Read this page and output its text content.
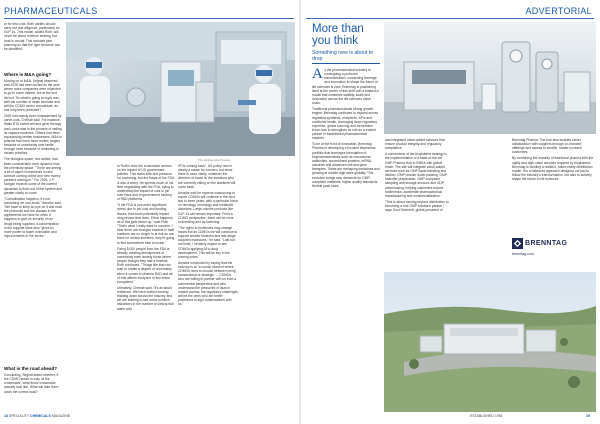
PHARMACEUTICALS
or for less cost. Both parties should carry out due diligence, particularly for GLP-1s. This model, added Roth, will never be about revenue sharing, but trust is crucial. This includes joint planning so that the right structure can be identified.
Where is M&A going?

Moving on to M&A, Seghal observed that 2025 had been touted as the year where more companies were expected to go to come market, but at the end did not. So what is going on right now, with the number of deals increase and will the CDMO sector consolidate, as has long been predicted?

2025 had mainly been characterised by carve-outs, Chehab said. For instance, Waltz BTA exited cell and gene therapy and Lonza was in the process of selling its capsule business. Others had been repurposing certain businesses. M&A in pharma had been more muted, largely because of uncertainty over tariffs through rises because of restricting in certain priorities.

The biologics space, she added, had been considerably more dynamic than the chemistry space. "There are seeing a lot of capex investments in new science coming online and new money partners coming in." For 2026, J.P. Morgan expects some of the current dynamics to flush out of the system and greater clarity to come.

"Consolidation happens, it's not something we can avoid," Amador said. "We have to keep an eye on it and read the protocols and the clauses in the agreements we have for when it happens to give us security of our drugs being supplied. A concentration in the supplier base also "gives us more power to foster innovation and improvements in the sector."

What is the road ahead?
Concluding, Seghal asked whether, if the CDMO sector is truly 'at the crossroads', what those crossroads actually look like. What will take them down the correct road?
The Veritiwe Istat Process

In Roth's view the crossroads centres on the impact of US government policies. This starts with and pressure for onshoring, but the future of the FDA is also a worry. He spends much of his time negotiating with the FDA, trying to understand the impact of cuts to job cuts there and of government funding of R&D platforms.

"If the FDA is put under significant stress due to job cuts and funding issues, that could potentially impact drug review time lines. If that happens, all of this gets blown up," said Roth. "That's what I really want to concern. I hear there are changes towards in staff numbers are no longer in at risk an are there for review timelines, they're going to find somewhere else to invest."

Fixing 8,000 people from the FDA is already creating atmospheres of uncertainty even among those where people thought they had a timeline, Roth continued. "Things like that can start to create a degree of uncertainty when it comes to pharma R&D and all of that affects everyone in this entire ecosystem."

Ultimately, Chehab said, "it's all about resilience. We have bottom funding trickling down across the industry and we are starting to see some positive valuations in the number of clinical trial starts and

IPOs coming back". US policy now in clearly a cause for concern, but since there is more clarity, whatever the direction of travel is, the investors who are currently sitting on the sidelines will come back.

Amador said he expects outsourcing to expert CDMOs will continue in the next two to three years, with a particular focus on oncology, neurology and metabolic disorders. Large-volume products like GLP-1s will remain important. From a CDMO perspective, there will be more in-licensing and co-licensing.

"The rights to molecules may change hands but as CDMOs we will continue to support smaller biotechs and late-stage acquired molecules," he said. "Last but not least, I certainly expect to see CDMOs applying AI to drug development. This will be key in the coming years."

Amador concluded by saying that the industry is at "a crucial moment where CDMOs need to choose between being transactional or strategic. ... CDMOs who are willing to partner with us from a commercial perspective and who understand the pressures of launch, market access, the regulatory challenges will be the ones who are better positioned to sign collaborations with us."

18 SPECIALITY CHEMICALS MAGAZINE
ADVERTORIAL
More than
you think
Something new is about to drop

As the pharmaceutical industry is undergoing a profound transformation, connecting leverage and innovation to shape the future of life sciences is core, Brenntag is positioning itself at the center of this shift with a balanced model that combines stability, scale and innovation across the life sciences value chain.

Traditional pharmaceuticals strong growth engine. Brenntag continues to expand across regulated synthesis, excipients, APIs and nutritional health, leveraging deep regulatory expertise, global sourcing and formulation know-how to strengthen its role as a trusted partner in established pharmaceutical markets.

To be at the front of innovation, Brenntag Pharma is developing a focused biopharma portfolio that leverages formulation of biopharmaceuticals such as monoclonal antibodies, recombinant proteins, mRNA vaccines and advanced cell and gene therapies. These are reshaping medicines and growing at double-digit rates globally. This evolution brings new demands for GMP-compliant materials, higher quality standards, flexible pack sizes

and integrated value-added services that ensure product integrity and regulatory compliance.

A cornerstone of the biopharma strategy is the implementation of a state-of-the-art GMP Pharma Hub in EMEA with global reach. The site will integrate value-added services such as GMP liquid blending and dilution, GMP powder down-packing, GMP biobuffer preparation, GMP-compliant sampling and storage services and GDP warehousing, helping customers reduce bottlenecks, accelerate pharmaceutical manufacturing and commercialization.

"This is about moving beyond distribution to becoming a true GMP solutions partner," says Gust Desmedt, global president of

Brenntag Pharma. The hub also enables closer collaboration with suppliers through co-branded offerings and access to smaller, harder-to-reach customers.

By combining the maturity of traditional pharma with the agility and high-value services required by biopharma, Brenntag is building a resilient, future-ready distribution model. It is a balanced approach designed not just to follow the industry's transformation, but also to actively shape the future of life sciences.

BRENNTAG
brenntag.com
ESTABLISHED 1991	19
